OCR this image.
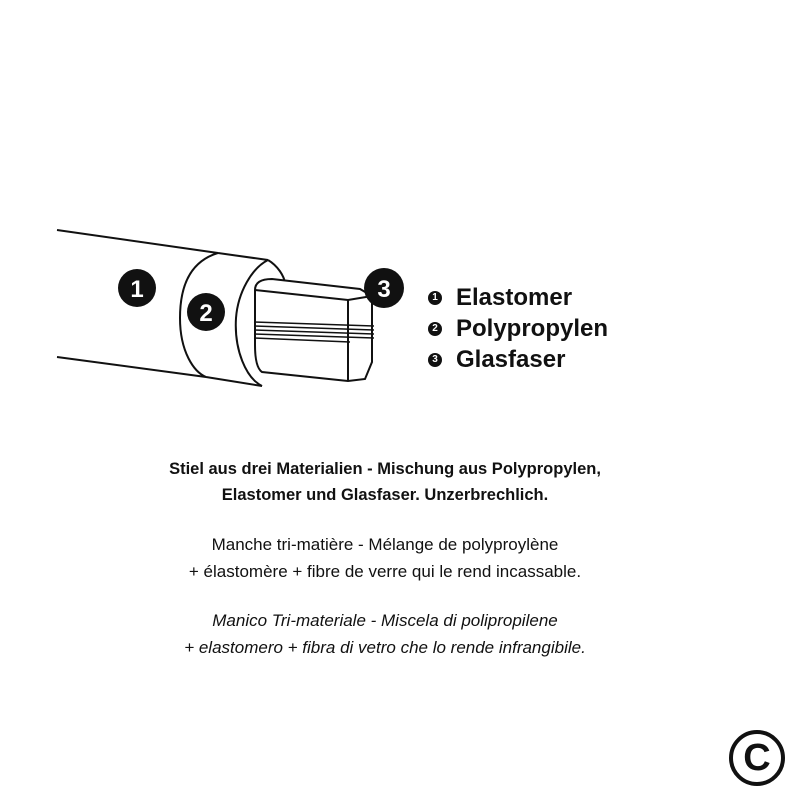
1
2
3	1 Elastomer
2 Polypropylen
3 Glasfaser
Stiel aus drei Materialien - Mischung aus Polypropylen,
Elastomer und Glasfaser. Unzerbrechlich.
Manche tri-matière - Mélange de polyproylène
+ élastomère + fibre de verre qui le rend incassable.
Manico Tri-materiale - Miscela di polipropilene
+ elastomero + fibra di vetro che lo rende infrangibile.
C
